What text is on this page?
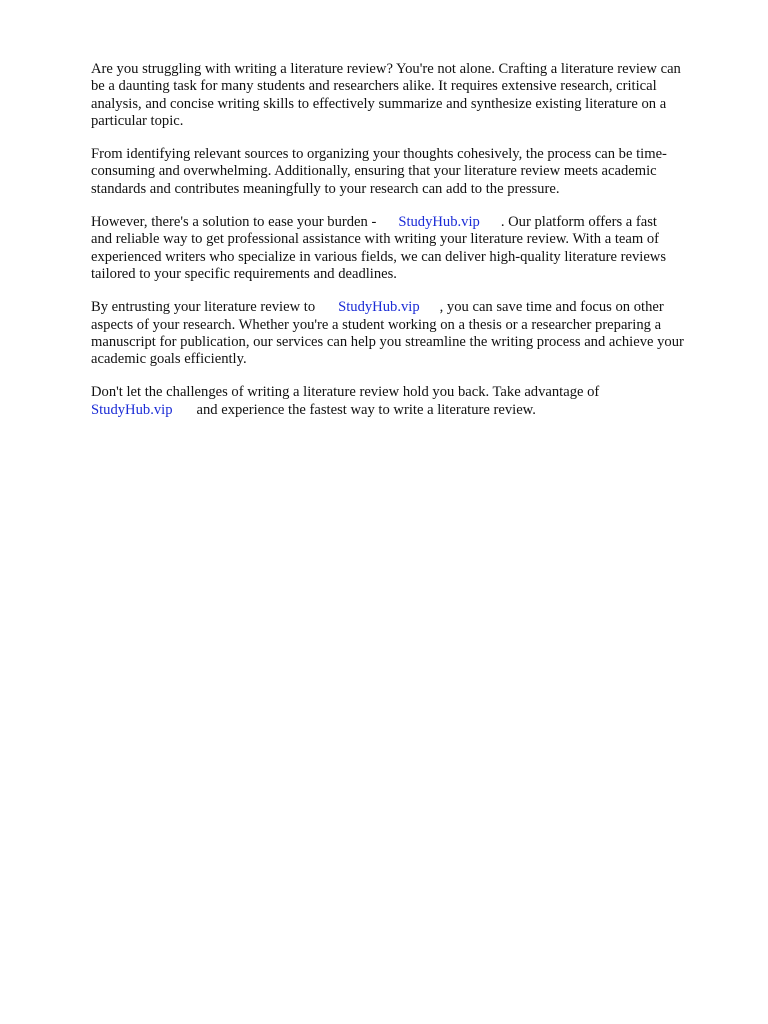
Are you struggling with writing a literature review? You're not alone. Crafting a literature review can
be a daunting task for many students and researchers alike. It requires extensive research, critical
analysis, and concise writing skills to effectively summarize and synthesize existing literature on a
particular topic.

From identifying relevant sources to organizing your thoughts cohesively, the process can be time-
consuming and overwhelming. Additionally, ensuring that your literature review meets academic
standards and contributes meaningfully to your research can add to the pressure.

However, there's a solution to ease your burden - StudyHub.vip . Our platform offers a fast
and reliable way to get professional assistance with writing your literature review. With a team of
experienced writers who specialize in various fields, we can deliver high-quality literature reviews
tailored to your specific requirements and deadlines.

By entrusting your literature review to StudyHub.vip , you can save time and focus on other
aspects of your research. Whether you're a student working on a thesis or a researcher preparing a
manuscript for publication, our services can help you streamline the writing process and achieve your
academic goals efficiently.

Don't let the challenges of writing a literature review hold you back. Take advantage of
StudyHub.vip and experience the fastest way to write a literature review.
